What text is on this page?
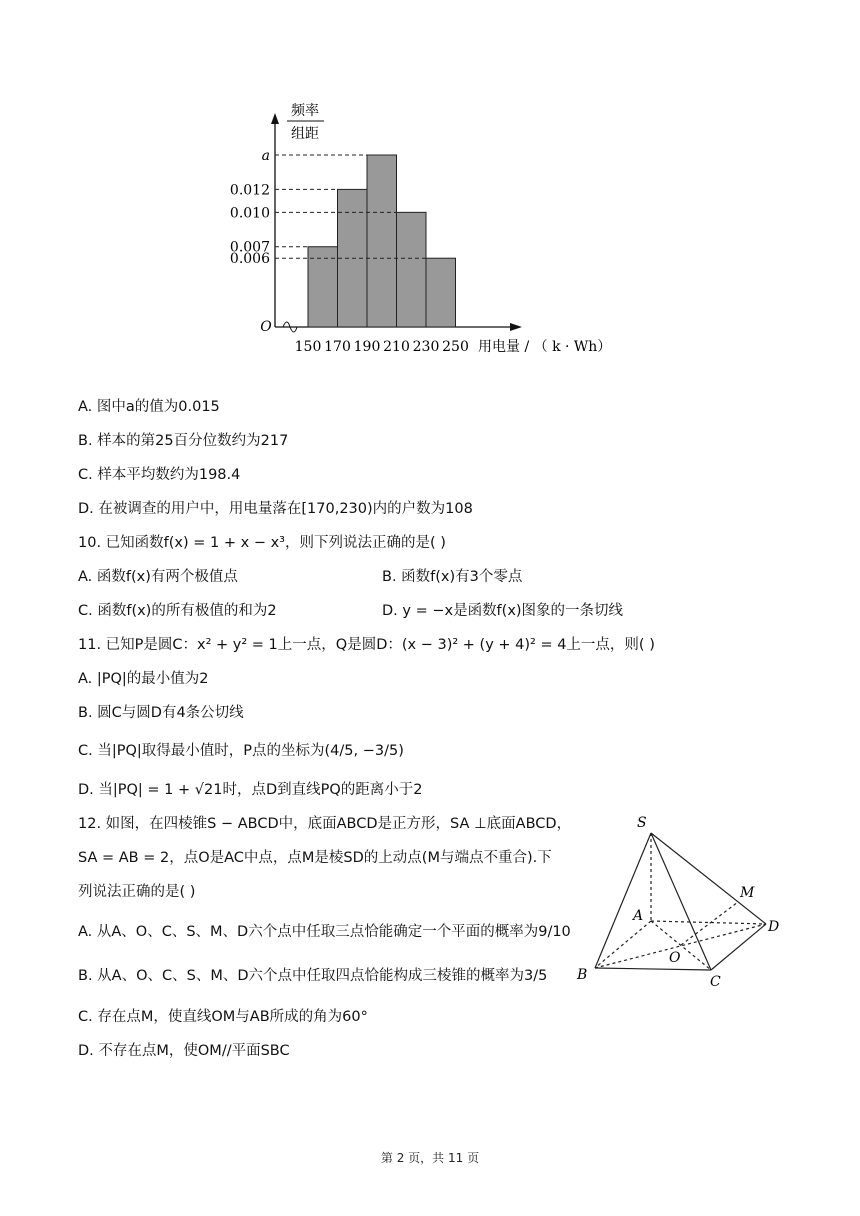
频率
组距
O
0.007
0.012
a
0.010
0.006
150 170 190 210 230 250 用电量 / （ k · Wh）
A. 图中a的值为0.015
B. 样本的第25百分位数约为217
C. 样本平均数约为198.4
D. 在被调查的用户中，用电量落在[170,230)内的户数为108
10. 已知函数f(x) = 1 + x − x³，则下列说法正确的是( )
A. 函数f(x)有两个极值点	B. 函数f(x)有3个零点
C. 函数f(x)的所有极值的和为2	D. y = −x是函数f(x)图象的一条切线
11. 已知P是圆C：x² + y² = 1上一点，Q是圆D：(x − 3)² + (y + 4)² = 4上一点，则( )
A. |PQ|的最小值为2
B. 圆C与圆D有4条公切线
C. 当|PQ|取得最小值时，P点的坐标为(4/5, −3/5)
D. 当|PQ| = 1 + √21时，点D到直线PQ的距离小于2
12. 如图，在四棱锥S − ABCD中，底面ABCD是正方形，SA ⊥底面ABCD，
SA = AB = 2，点O是AC中点，点M是棱SD的上动点(M与端点不重合).下
列说法正确的是( )
A. 从A、O、C、S、M、D六个点中任取三点恰能确定一个平面的概率为9/10
B. 从A、O、C、S、M、D六个点中任取四点恰能构成三棱锥的概率为3/5
C. 存在点M，使直线OM与AB所成的角为60°
D. 不存在点M，使OM//平面SBC
S
A
B	C
D
O
M
第 2 页，共 11 页
